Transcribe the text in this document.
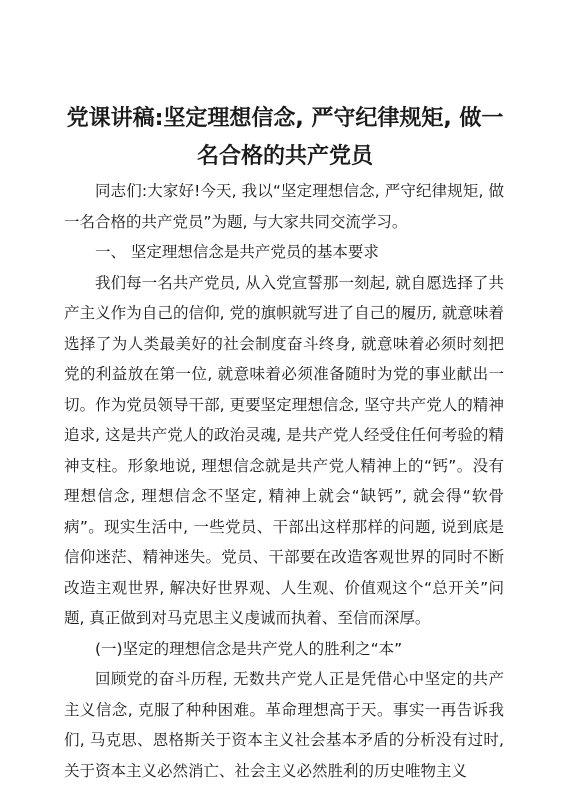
党课讲稿:坚定理想信念, 严守纪律规矩, 做一名合格的共产党员

同志们:大家好!今天, 我以“坚定理想信念, 严守纪律规矩, 做一名合格的共产党员”为题, 与大家共同交流学习。

一、 坚定理想信念是共产党员的基本要求

我们每一名共产党员, 从入党宣誓那一刻起, 就自愿选择了共产主义作为自己的信仰, 党的旗帜就写进了自己的履历, 就意味着选择了为人类最美好的社会制度奋斗终身, 就意味着必须时刻把党的利益放在第一位, 就意味着必须准备随时为党的事业献出一切。作为党员领导干部, 更要坚定理想信念, 坚守共产党人的精神追求, 这是共产党人的政治灵魂, 是共产党人经受住任何考验的精神支柱。形象地说, 理想信念就是共产党人精神上的“钙”。没有理想信念, 理想信念不坚定, 精神上就会“缺钙”, 就会得“软骨病”。现实生活中, 一些党员、干部出这样那样的问题, 说到底是信仰迷茫、精神迷失。党员、干部要在改造客观世界的同时不断改造主观世界, 解决好世界观、人生观、价值观这个“总开关”问题, 真正做到对马克思主义虔诚而执着、至信而深厚。

(一)坚定的理想信念是共产党人的胜利之“本”

回顾党的奋斗历程, 无数共产党人正是凭借心中坚定的共产主义信念, 克服了种种困难。革命理想高于天。事实一再告诉我们, 马克思、恩格斯关于资本主义社会基本矛盾的分析没有过时, 关于资本主义必然消亡、社会主义必然胜利的历史唯物主义
